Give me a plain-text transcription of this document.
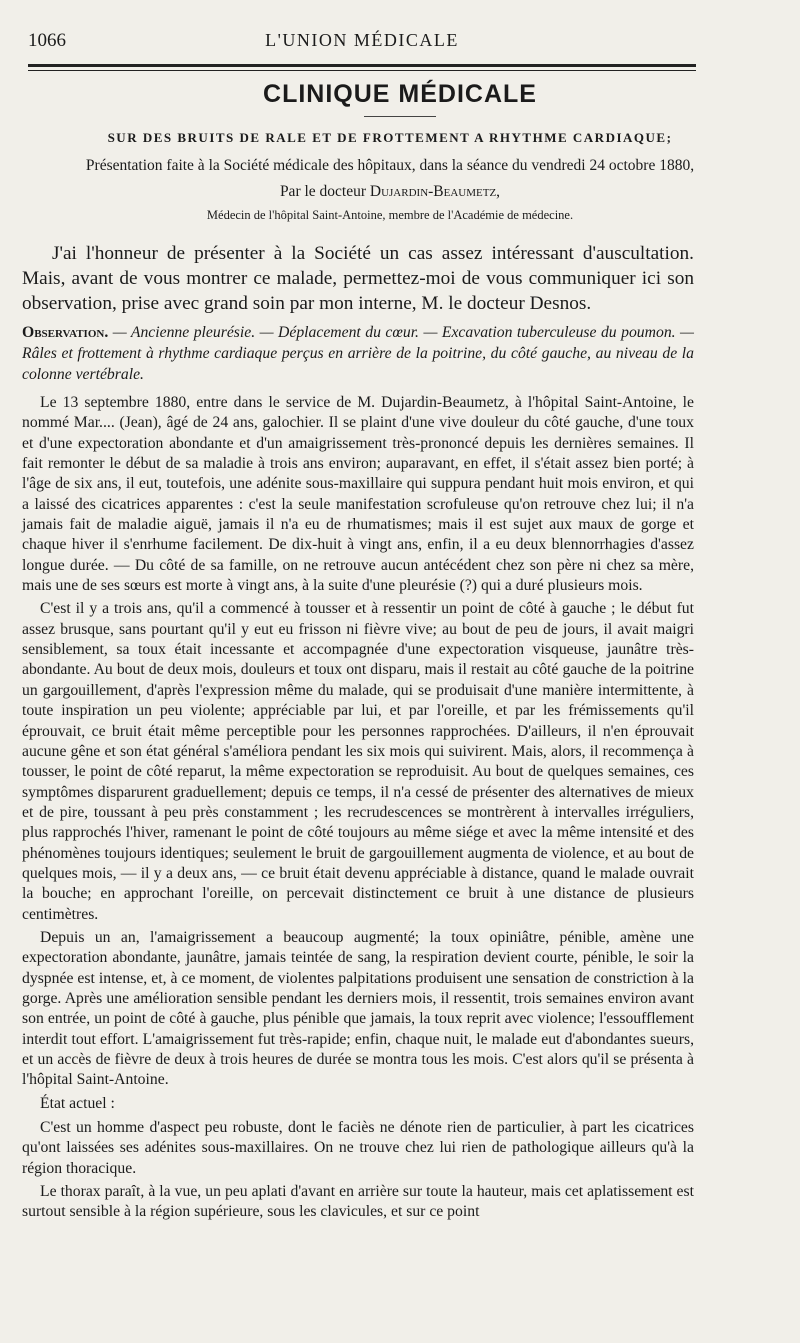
1066	L'UNION MÉDICALE
CLINIQUE MÉDICALE
SUR DES BRUITS DE RALE ET DE FROTTEMENT A RHYTHME CARDIAQUE;
Présentation faite à la Société médicale des hôpitaux, dans la séance du vendredi 24 octobre 1880,
Par le docteur Dujardin-Beaumetz,
Médecin de l'hôpital Saint-Antoine, membre de l'Académie de médecine.
J'ai l'honneur de présenter à la Société un cas assez intéressant d'auscultation. Mais, avant de vous montrer ce malade, permettez-moi de vous communiquer ici son observation, prise avec grand soin par mon interne, M. le docteur Desnos.
Observation. — Ancienne pleurésie. — Déplacement du cœur. — Excavation tuberculeuse du poumon. — Râles et frottement à rhythme cardiaque perçus en arrière de la poitrine, du côté gauche, au niveau de la colonne vertébrale.

Le 13 septembre 1880, entre dans le service de M. Dujardin-Beaumetz, à l'hôpital Saint-Antoine, le nommé Mar.... (Jean), âgé de 24 ans, galochier. Il se plaint d'une vive douleur du côté gauche, d'une toux et d'une expectoration abondante et d'un amaigrissement très-prononcé depuis les dernières semaines. Il fait remonter le début de sa maladie à trois ans environ; auparavant, en effet, il s'était assez bien porté; à l'âge de six ans, il eut, toutefois, une adénite sous-maxillaire qui suppura pendant huit mois environ, et qui a laissé des cicatrices apparentes : c'est la seule manifestation scrofuleuse qu'on retrouve chez lui; il n'a jamais fait de maladie aiguë, jamais il n'a eu de rhumatismes; mais il est sujet aux maux de gorge et chaque hiver il s'enrhume facilement. De dix-huit à vingt ans, enfin, il a eu deux blennorrhagies d'assez longue durée. — Du côté de sa famille, on ne retrouve aucun antécédent chez son père ni chez sa mère, mais une de ses sœurs est morte à vingt ans, à la suite d'une pleurésie (?) qui a duré plusieurs mois.

C'est il y a trois ans, qu'il a commencé à tousser et à ressentir un point de côté à gauche ; le début fut assez brusque, sans pourtant qu'il y eut eu frisson ni fièvre vive; au bout de peu de jours, il avait maigri sensiblement, sa toux était incessante et accompagnée d'une expectoration visqueuse, jaunâtre très-abondante. Au bout de deux mois, douleurs et toux ont disparu, mais il restait au côté gauche de la poitrine un gargouillement, d'après l'expression même du malade, qui se produisait d'une manière intermittente, à toute inspiration un peu violente; appréciable par lui, et par l'oreille, et par les frémissements qu'il éprouvait, ce bruit était même perceptible pour les personnes rapprochées. D'ailleurs, il n'en éprouvait aucune gêne et son état général s'améliora pendant les six mois qui suivirent. Mais, alors, il recommença à tousser, le point de côté reparut, la même expectoration se reproduisit. Au bout de quelques semaines, ces symptômes disparurent graduellement; depuis ce temps, il n'a cessé de présenter des alternatives de mieux et de pire, toussant à peu près constamment ; les recrudescences se montrèrent à intervalles irréguliers, plus rapprochés l'hiver, ramenant le point de côté toujours au même siége et avec la même intensité et des phénomènes toujours identiques; seulement le bruit de gargouillement augmenta de violence, et au bout de quelques mois, — il y a deux ans, — ce bruit était devenu appréciable à distance, quand le malade ouvrait la bouche; en approchant l'oreille, on percevait distinctement ce bruit à une distance de plusieurs centimètres.

Depuis un an, l'amaigrissement a beaucoup augmenté; la toux opiniâtre, pénible, amène une expectoration abondante, jaunâtre, jamais teintée de sang, la respiration devient courte, pénible, le soir la dyspnée est intense, et, à ce moment, de violentes palpitations produisent une sensation de constriction à la gorge. Après une amélioration sensible pendant les derniers mois, il ressentit, trois semaines environ avant son entrée, un point de côté à gauche, plus pénible que jamais, la toux reprit avec violence; l'essoufflement interdit tout effort. L'amaigrissement fut très-rapide; enfin, chaque nuit, le malade eut d'abondantes sueurs, et un accès de fièvre de deux à trois heures de durée se montra tous les mois. C'est alors qu'il se présenta à l'hôpital Saint-Antoine.

État actuel :

C'est un homme d'aspect peu robuste, dont le faciès ne dénote rien de particulier, à part les cicatrices qu'ont laissées ses adénites sous-maxillaires. On ne trouve chez lui rien de pathologique ailleurs qu'à la région thoracique.

Le thorax paraît, à la vue, un peu aplati d'avant en arrière sur toute la hauteur, mais cet aplatissement est surtout sensible à la région supérieure, sous les clavicules, et sur ce point
